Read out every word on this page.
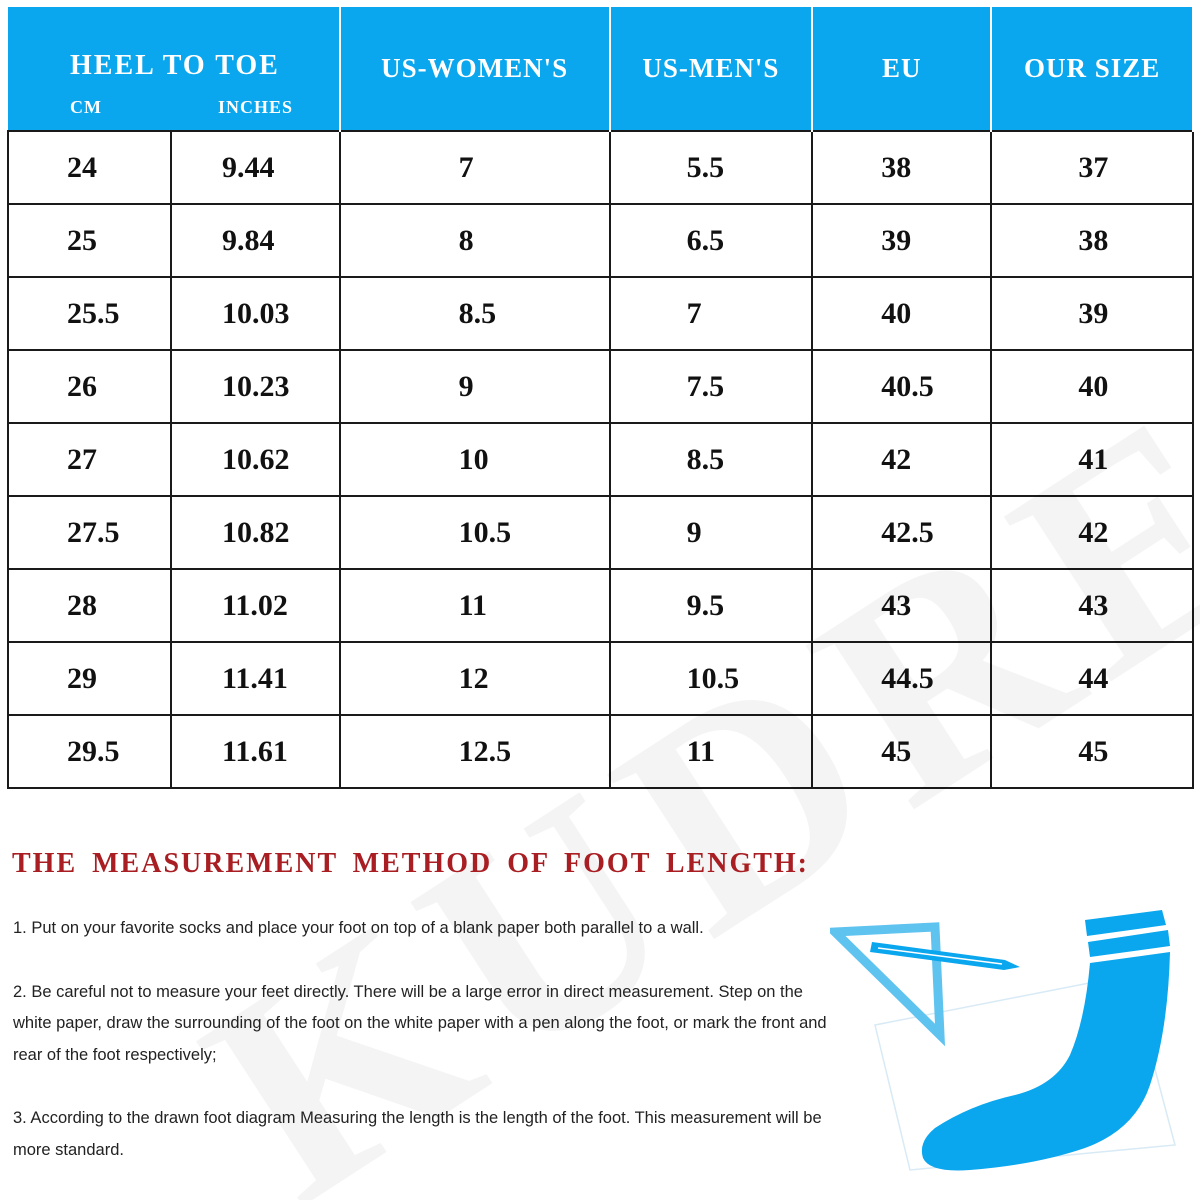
HEEL TO TOE
CM INCHES		US-WOMEN'S	US-MEN'S	EU	OUR SIZE
24	9.44	7	5.5	38	37
25	9.84	8	6.5	39	38
25.5	10.03	8.5	7	40	39
26	10.23	9	7.5	40.5	40
27	10.62	10	8.5	42	41
27.5	10.82	10.5	9	42.5	42
28	11.02	11	9.5	43	43
29	11.41	12	10.5	44.5	44
29.5	11.61	12.5	11	45	45
THE MEASUREMENT METHOD OF FOOT LENGTH:

1. Put on your favorite socks and place your foot on top of a blank paper both parallel to a wall.

2. Be careful not to measure your feet directly. There will be a large error in direct measurement. Step on the white paper, draw the surrounding of the foot on the white paper with a pen along the foot, or mark the front and rear of the foot respectively;

3. According to the drawn foot diagram Measuring the length is the length of the foot. This measurement will be more standard.
